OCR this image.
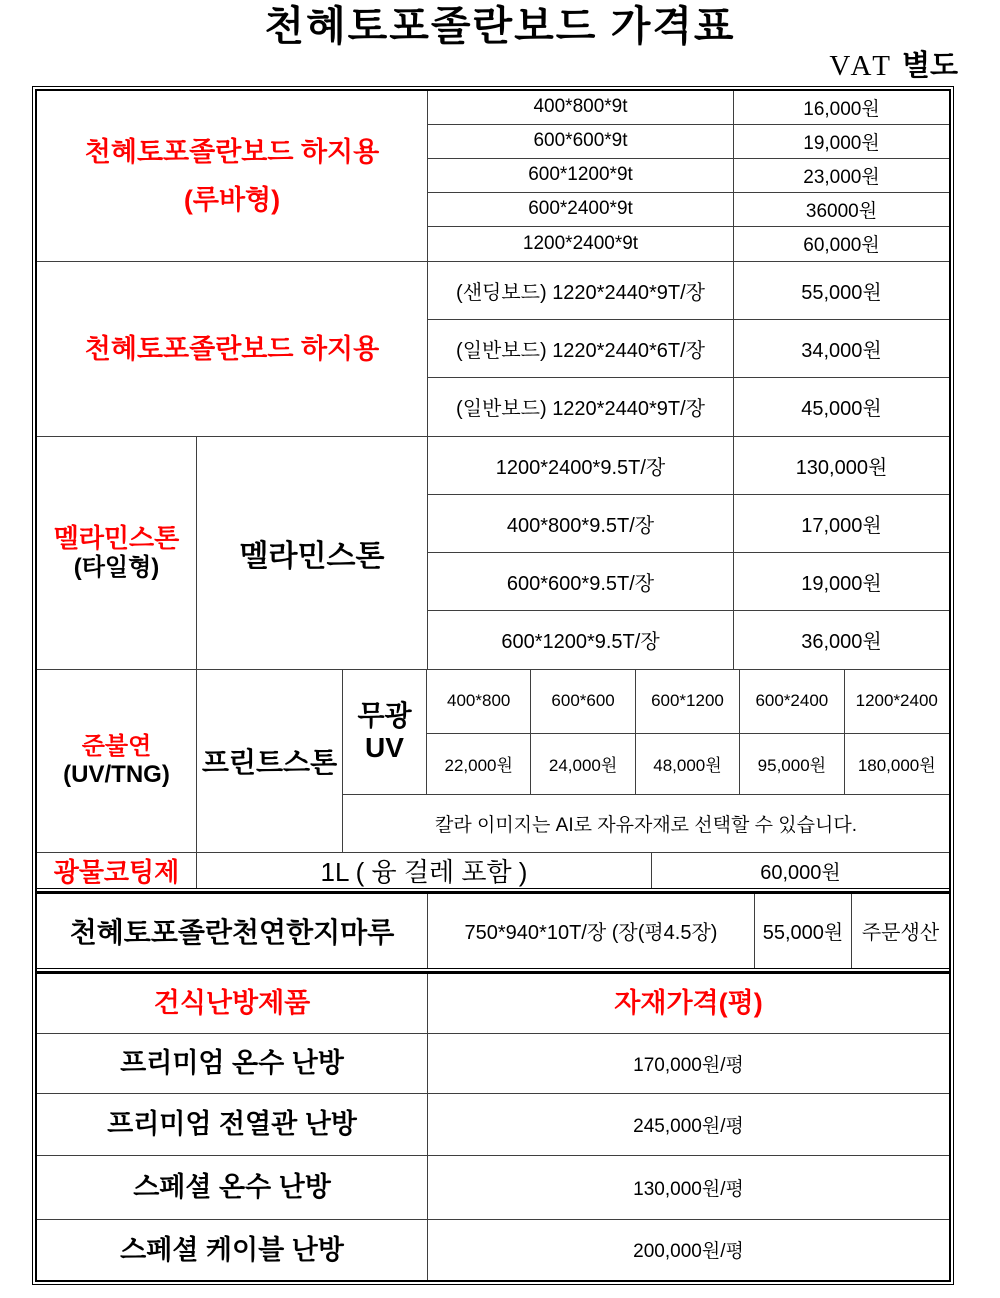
천혜토포졸란보드 가격표
VAT 별도
천혜토포졸란보드 하지용
(루바형)
400*800*9t	16,000원
600*600*9t	19,000원
600*1200*9t	23,000원
600*2400*9t	36000원
1200*2400*9t	60,000원
천혜토포졸란보드 하지용
(샌딩보드) 1220*2440*9T/장	55,000원
(일반보드) 1220*2440*6T/장	34,000원
(일반보드) 1220*2440*9T/장	45,000원
멜라민스톤
(타일형)	멜라민스톤
1200*2400*9.5T/장	130,000원
400*800*9.5T/장	17,000원
600*600*9.5T/장	19,000원
600*1200*9.5T/장	36,000원
준불연
(UV/TNG) 프린트스톤
무광
UV
400*800	600*600	600*1200	600*2400	1200*2400
22,000원	24,000원	48,000원	95,000원	180,000원
칼라 이미지는 AI로 자유자재로 선택할 수 있습니다.
광물코팅제	1L ( 융 걸레 포함 )	60,000원
천혜토포졸란천연한지마루	750*940*10T/장 (장(평4.5장)	55,000원 주문생산
건식난방제품	자재가격(평)
프리미엄 온수 난방	170,000원/평
프리미엄 전열관 난방	245,000원/평
스페셜 온수 난방	130,000원/평
스페셜 케이블 난방	200,000원/평
